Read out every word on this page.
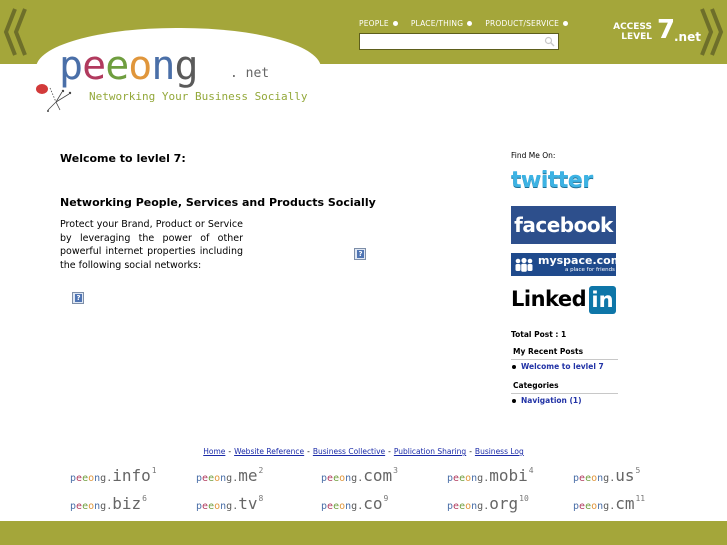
PEOPLE	PLACE/THING	PRODUCT/SERVICE	ACCESS
LEVEL 7
.net
peeong . net
Networking Your Business Socially
Welcome to levlel 7:
Networking People, Services and Products Socially
Protect your Brand, Product or Service by leveraging the power of other powerful internet properties including the following social networks:
?
?
Find Me On:
twitter
facebook
myspace.com.
a place for friends
Linked in
Total Post : 1
My Recent Posts
Welcome to levlel 7
Categories
Navigation (1)
Home - Website Reference - Business Collective - Publication Sharing - Business Log
peeong.info$^1$
$peeong.me^2$
peeong.com$^3$
peeong.mobi$^4$
$peeong.us^5$
peeong.biz$^6$
$peeong.tv^8$
$peeong.co^9$
peeong.org$^{10}$
$peeong.cm^{11}$
